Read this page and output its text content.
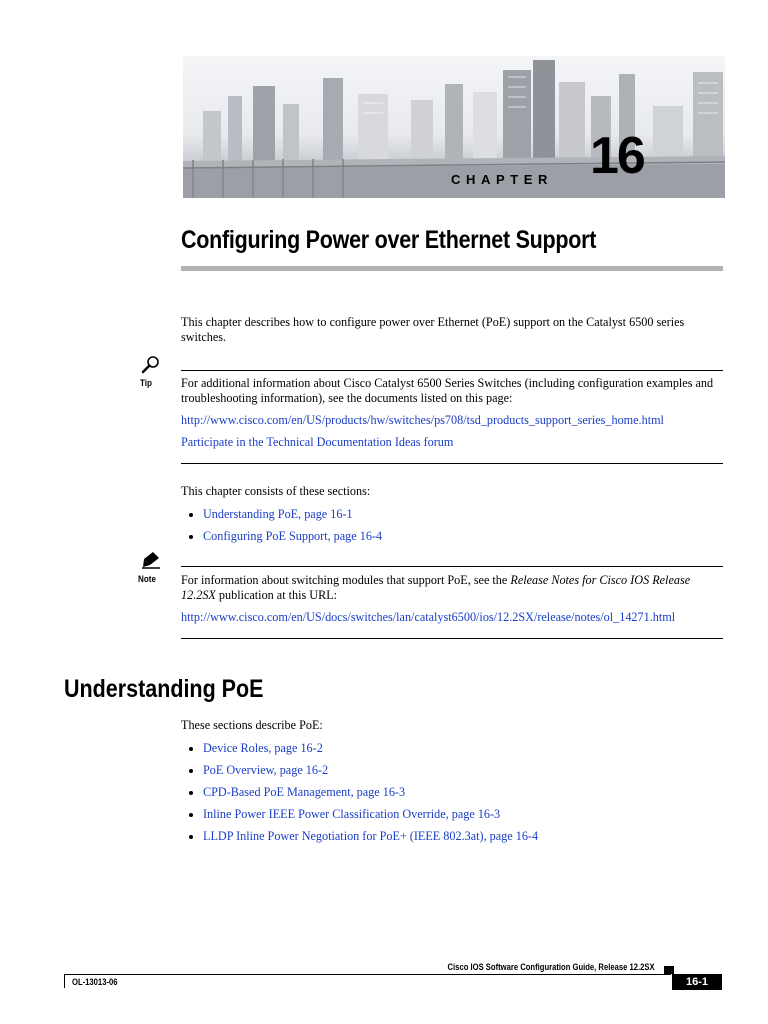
CHAPTER 16
Configuring Power over Ethernet Support
This chapter describes how to configure power over Ethernet (PoE) support on the Catalyst 6500 series switches.
Tip For additional information about Cisco Catalyst 6500 Series Switches (including configuration examples and troubleshooting information), see the documents listed on this page:
http://www.cisco.com/en/US/products/hw/switches/ps708/tsd_products_support_series_home.html
Participate in the Technical Documentation Ideas forum
This chapter consists of these sections:
Understanding PoE, page 16-1
Configuring PoE Support, page 16-4
Note For information about switching modules that support PoE, see the Release Notes for Cisco IOS Release 12.2SX publication at this URL:
http://www.cisco.com/en/US/docs/switches/lan/catalyst6500/ios/12.2SX/release/notes/ol_14271.html
Understanding PoE
These sections describe PoE:
Device Roles, page 16-2
PoE Overview, page 16-2
CPD-Based PoE Management, page 16-3
Inline Power IEEE Power Classification Override, page 16-3
LLDP Inline Power Negotiation for PoE+ (IEEE 802.3at), page 16-4
Cisco IOS Software Configuration Guide, Release 12.2SX
OL-13013-06	16-1
